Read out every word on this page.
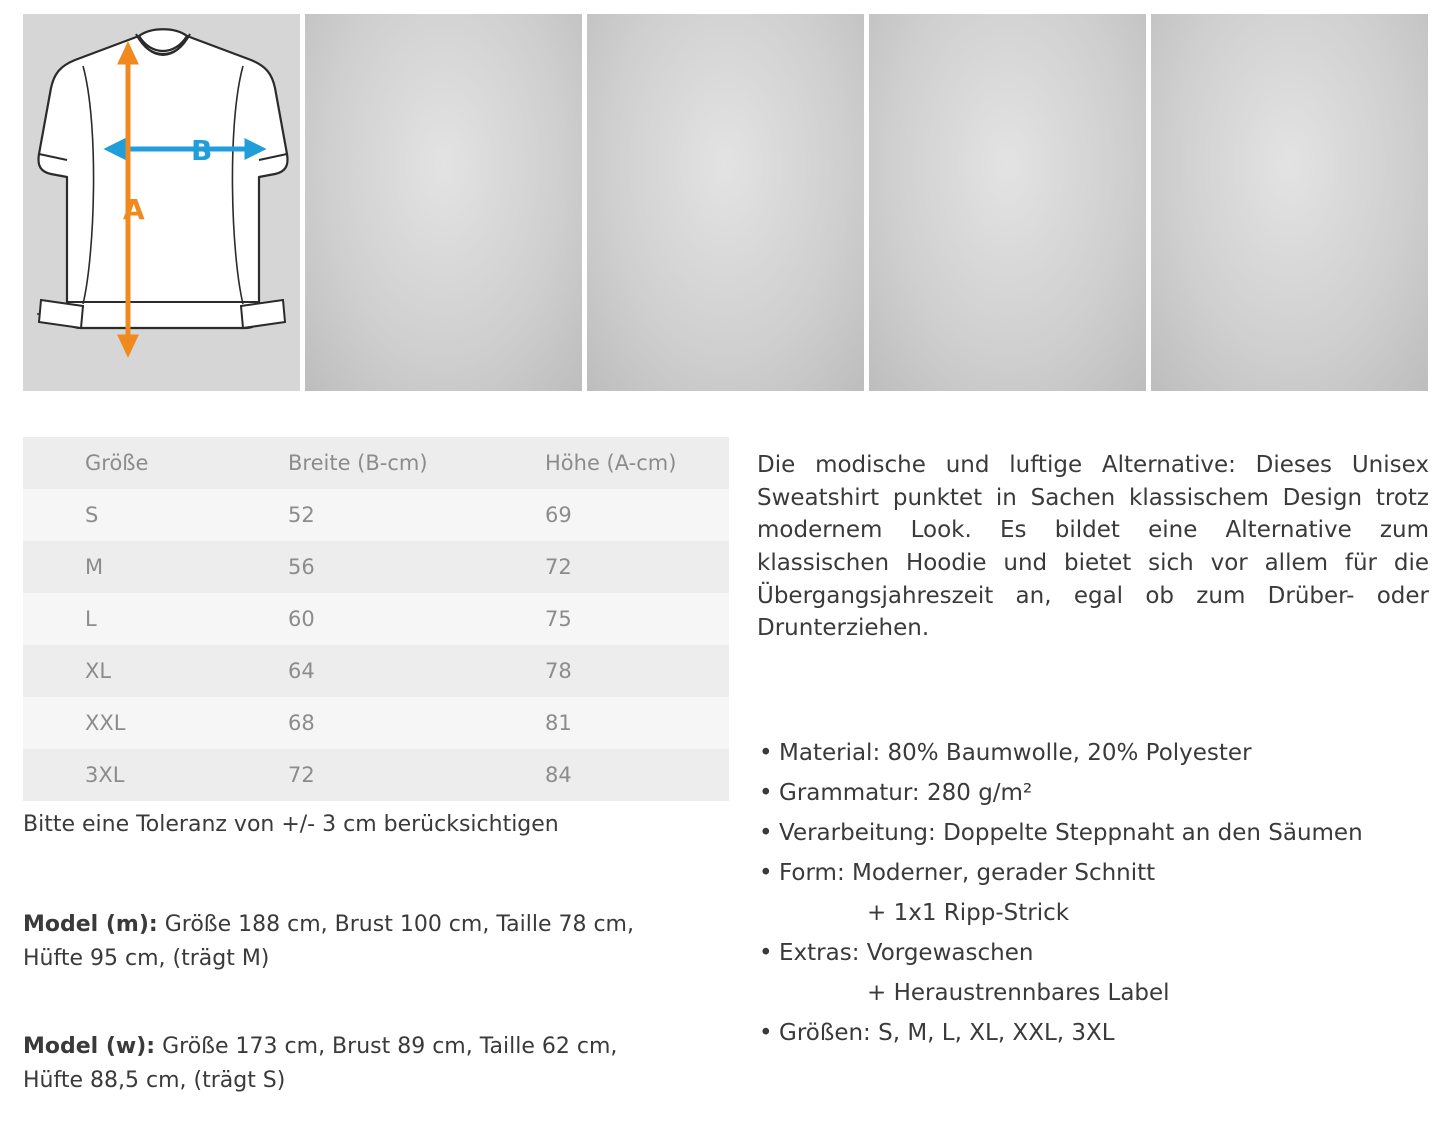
B
A
Größe	Breite (B-cm)	Höhe (A-cm)
S	52	69
M	56	72
L	60	75
XL	64	78
XXL	68	81
3XL	72	84
Bitte eine Toleranz von +/- 3 cm berücksichtigen
Model (m): Größe 188 cm, Brust 100 cm, Taille 78 cm,
Hüfte 95 cm, (trägt M)
Model (w): Größe 173 cm, Brust 89 cm, Taille 62 cm,
Hüfte 88,5 cm, (trägt S)
Die modische und luftige Alternative: Dieses Unisex Sweatshirt punktet in Sachen klassischem Design trotz modernem Look. Es bildet eine Alternative zum klassischen Hoodie und bietet sich vor allem für die Übergangsjahreszeit an, egal ob zum Drüber- oder Drunterziehen.
• Material: 80% Baumwolle, 20% Polyester
• Grammatur: 280 g/m²
• Verarbeitung: Doppelte Steppnaht an den Säumen
• Form: Moderner, gerader Schnitt
+ 1x1 Ripp-Strick
• Extras: Vorgewaschen
+ Heraustrennbares Label
• Größen: S, M, L, XL, XXL, 3XL
